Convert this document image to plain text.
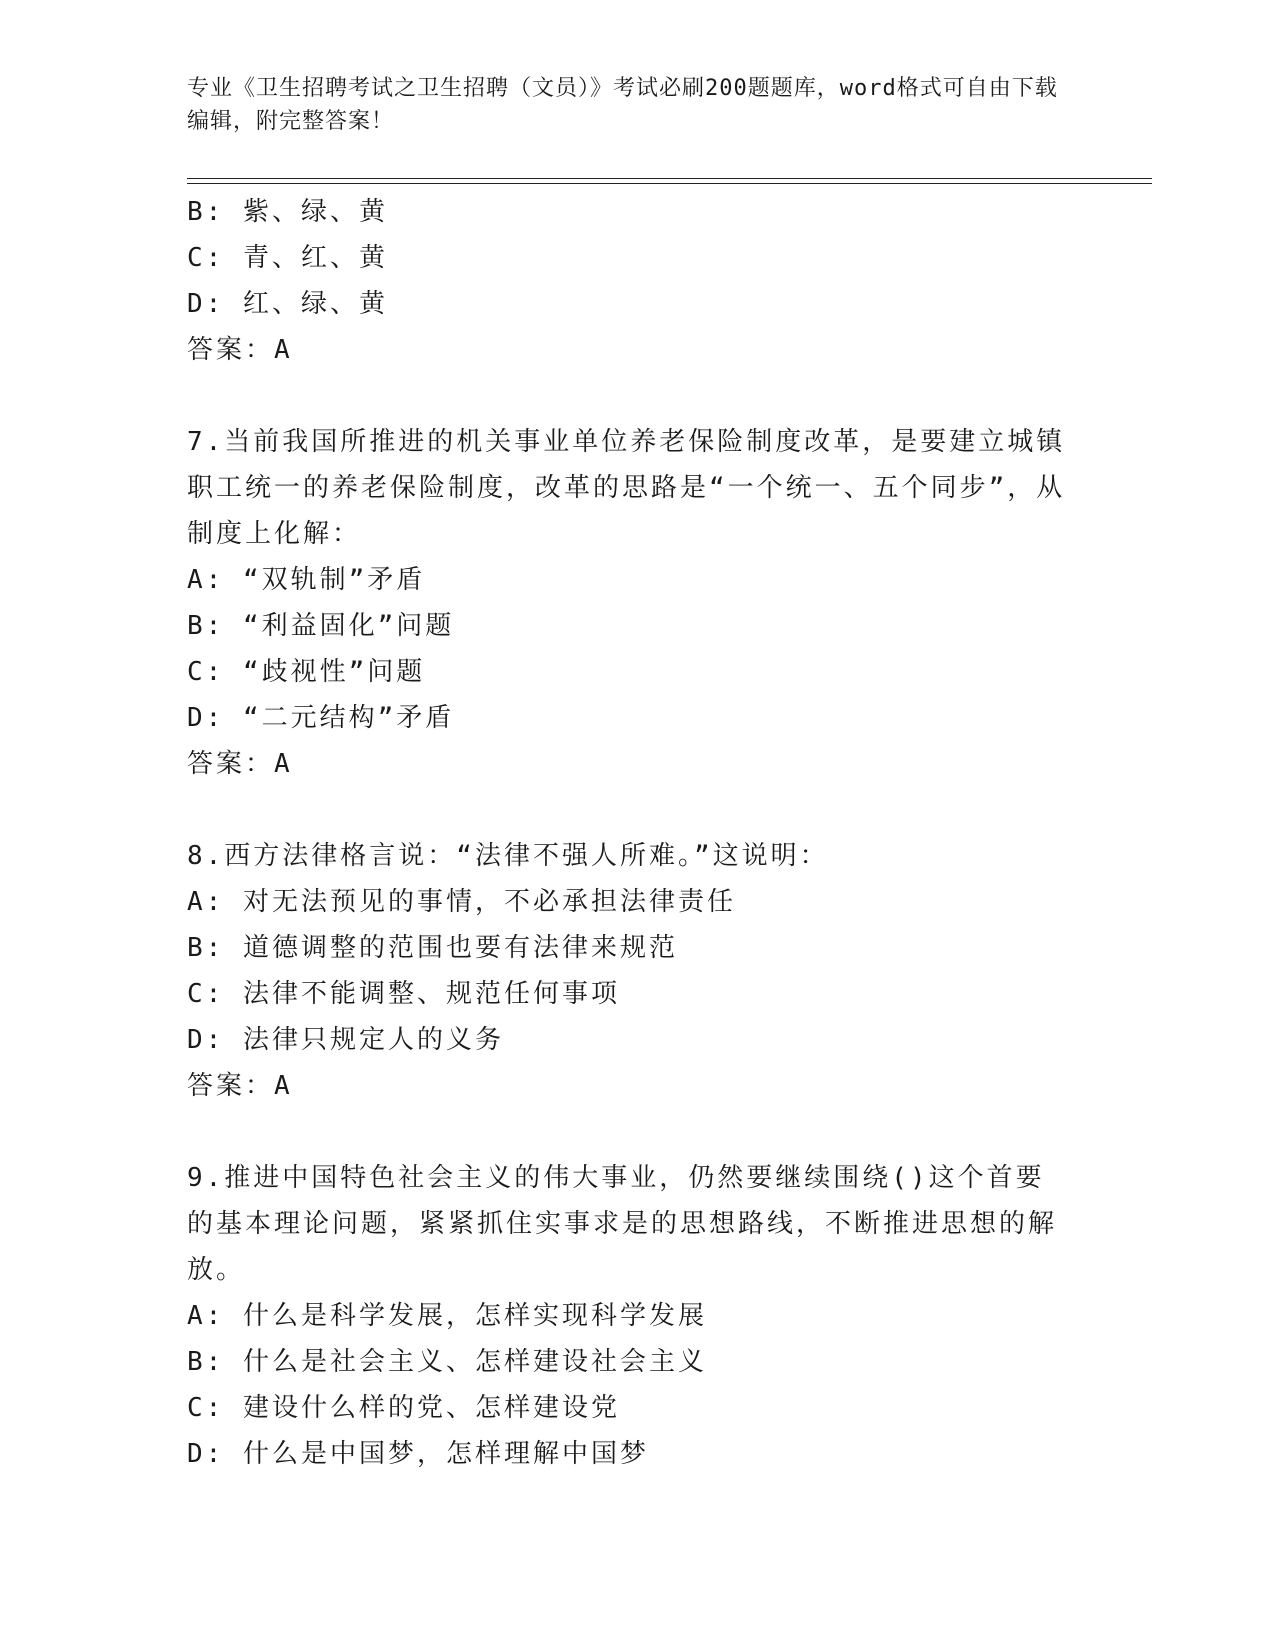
专业《卫生招聘考试之卫生招聘（文员）》考试必刷200题题库，word格式可自由下载编辑，附完整答案！
B: 紫、绿、黄
C: 青、红、黄
D: 红、绿、黄
答案：A
7.当前我国所推进的机关事业单位养老保险制度改革，是要建立城镇职工统一的养老保险制度，改革的思路是“一个统一、五个同步”，从制度上化解：
A: “双轨制”矛盾
B: “利益固化”问题
C: “歧视性”问题
D: “二元结构”矛盾
答案：A
8.西方法律格言说：“法律不强人所难。”这说明：
A: 对无法预见的事情，不必承担法律责任
B: 道德调整的范围也要有法律来规范
C: 法律不能调整、规范任何事项
D: 法律只规定人的义务
答案：A
9.推进中国特色社会主义的伟大事业，仍然要继续围绕()这个首要的基本理论问题，紧紧抓住实事求是的思想路线，不断推进思想的解放。
A: 什么是科学发展，怎样实现科学发展
B: 什么是社会主义、怎样建设社会主义
C: 建设什么样的党、怎样建设党
D: 什么是中国梦，怎样理解中国梦
